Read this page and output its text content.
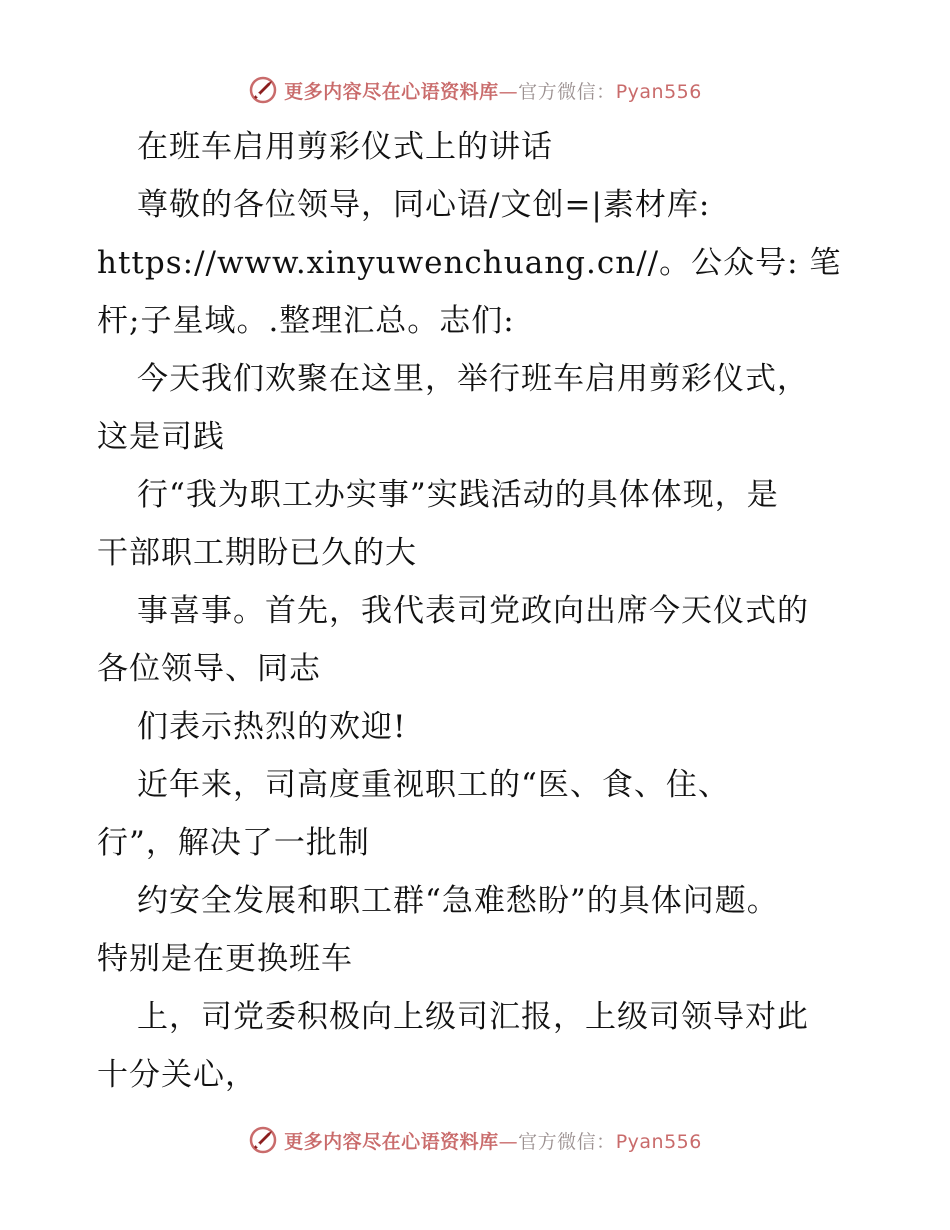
更多内容尽在心语资料库—官方微信：Pyan556
在班车启用剪彩仪式上的讲话
尊敬的各位领导，同心语/文创=|素材库:
https://www.xinyuwenchuang.cn//。公众号: 笔
杆;子星域。.整理汇总。志们:
今天我们欢聚在这里，举行班车启用剪彩仪式，
这是司践
行“我为职工办实事”实践活动的具体体现，是
干部职工期盼已久的大
事喜事。首先，我代表司党政向出席今天仪式的
各位领导、同志
们表示热烈的欢迎!
近年来，司高度重视职工的“医、食、住、
行”，解决了一批制
约安全发展和职工群“急难愁盼”的具体问题。
特别是在更换班车
上，司党委积极向上级司汇报，上级司领导对此
十分关心，
更多内容尽在心语资料库—官方微信：Pyan556
